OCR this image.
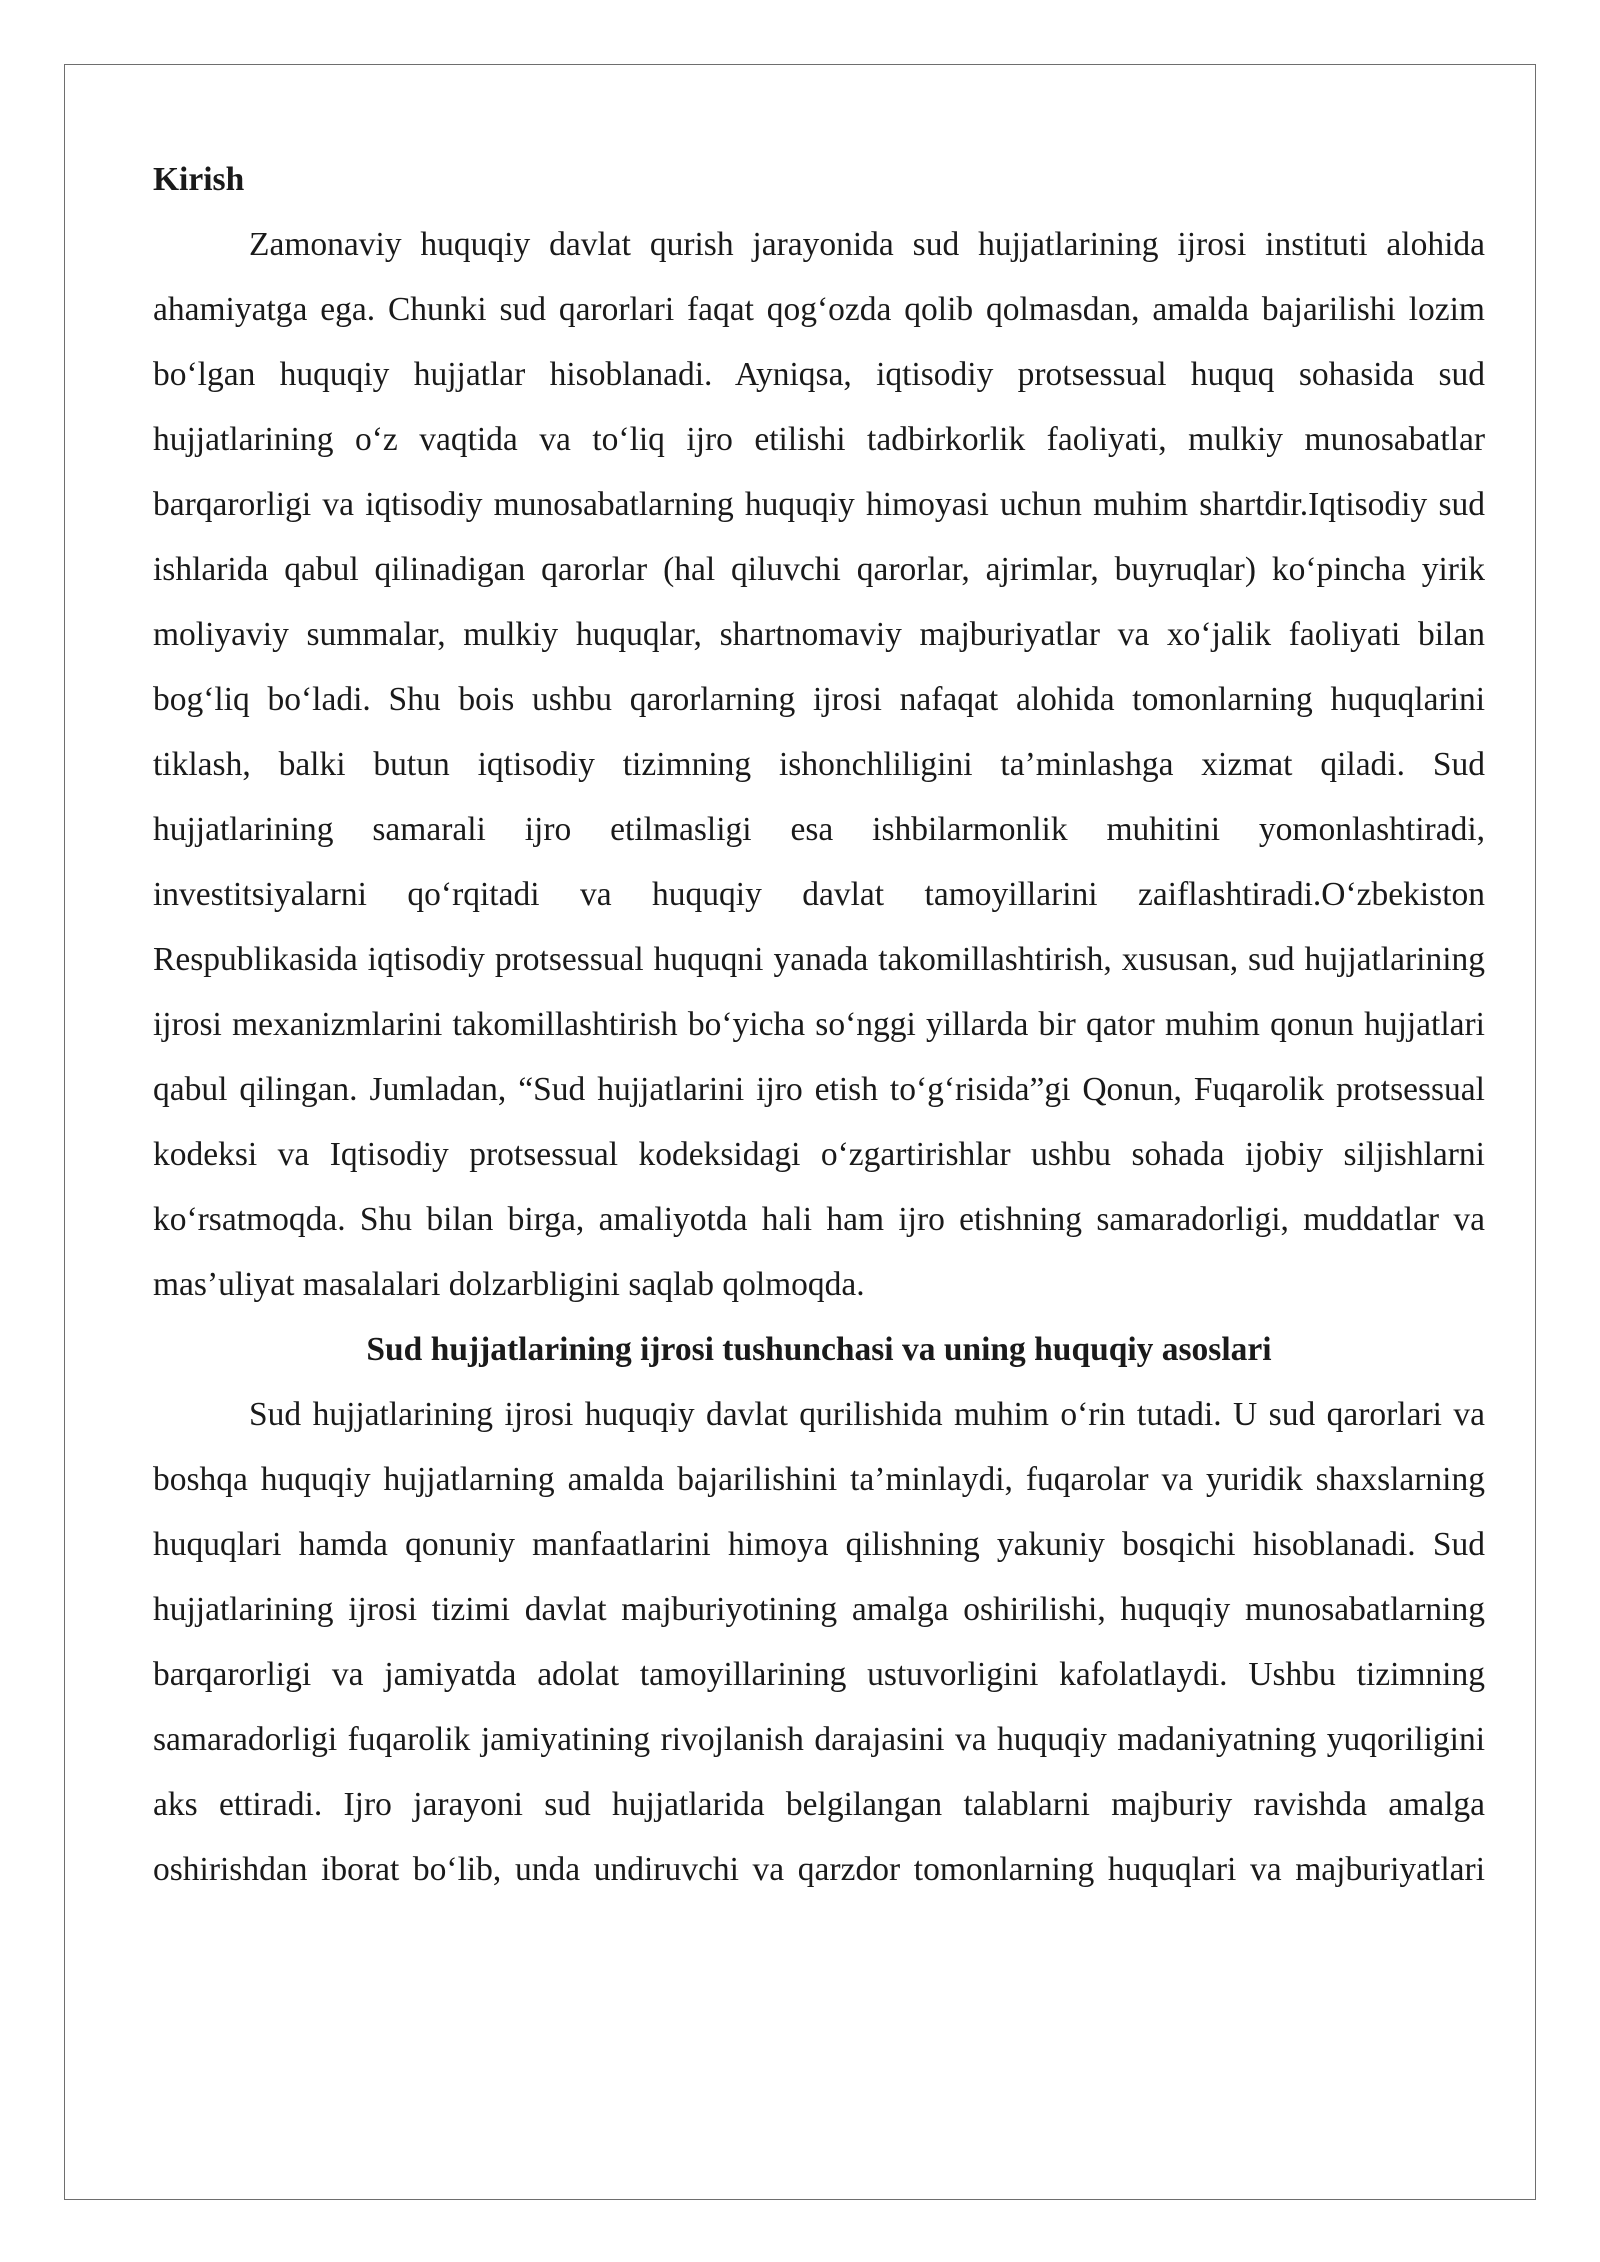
Kirish

Zamonaviy huquqiy davlat qurish jarayonida sud hujjatlarining ijrosi instituti alohida ahamiyatga ega. Chunki sud qarorlari faqat qogʻozda qolib qolmasdan, amalda bajarilishi lozim boʻlgan huquqiy hujjatlar hisoblanadi. Ayniqsa, iqtisodiy protsessual huquq sohasida sud hujjatlarining oʻz vaqtida va toʻliq ijro etilishi tadbirkorlik faoliyati, mulkiy munosabatlar barqarorligi va iqtisodiy munosabatlarning huquqiy himoyasi uchun muhim shartdir.Iqtisodiy sud ishlarida qabul qilinadigan qarorlar (hal qiluvchi qarorlar, ajrimlar, buyruqlar) koʻpincha yirik moliyaviy summalar, mulkiy huquqlar, shartnomaviy majburiyatlar va xoʻjalik faoliyati bilan bogʻliq boʻladi. Shu bois ushbu qarorlarning ijrosi nafaqat alohida tomonlarning huquqlarini tiklash, balki butun iqtisodiy tizimning ishonchliligini ta’minlashga xizmat qiladi. Sud hujjatlarining samarali ijro etilmasligi esa ishbilarmonlik muhitini yomonlashtiradi, investitsiyalarni qoʻrqitadi va huquqiy davlat tamoyillarini zaiflashtiradi.Oʻzbekiston Respublikasida iqtisodiy protsessual huquqni yanada takomillashtirish, xususan, sud hujjatlarining ijrosi mexanizmlarini takomillashtirish boʻyicha soʻnggi yillarda bir qator muhim qonun hujjatlari qabul qilingan. Jumladan, “Sud hujjatlarini ijro etish toʻgʻrisida”gi Qonun, Fuqarolik protsessual kodeksi va Iqtisodiy protsessual kodeksidagi oʻzgartirishlar ushbu sohada ijobiy siljishlarni koʻrsatmoqda. Shu bilan birga, amaliyotda hali ham ijro etishning samaradorligi, muddatlar va mas’uliyat masalalari dolzarbligini saqlab qolmoqda.

Sud hujjatlarining ijrosi tushunchasi va uning huquqiy asoslari

Sud hujjatlarining ijrosi huquqiy davlat qurilishida muhim oʻrin tutadi. U sud qarorlari va boshqa huquqiy hujjatlarning amalda bajarilishini ta’minlaydi, fuqarolar va yuridik shaxslarning huquqlari hamda qonuniy manfaatlarini himoya qilishning yakuniy bosqichi hisoblanadi. Sud hujjatlarining ijrosi tizimi davlat majburiyotining amalga oshirilishi, huquqiy munosabatlarning barqarorligi va jamiyatda adolat tamoyillarining ustuvorligini kafolatlaydi. Ushbu tizimning samaradorligi fuqarolik jamiyatining rivojlanish darajasini va huquqiy madaniyatning yuqoriligini aks ettiradi. Ijro jarayoni sud hujjatlarida belgilangan talablarni majburiy ravishda amalga oshirishdan iborat boʻlib, unda undiruvchi va qarzdor tomonlarning huquqlari va majburiyatlari
